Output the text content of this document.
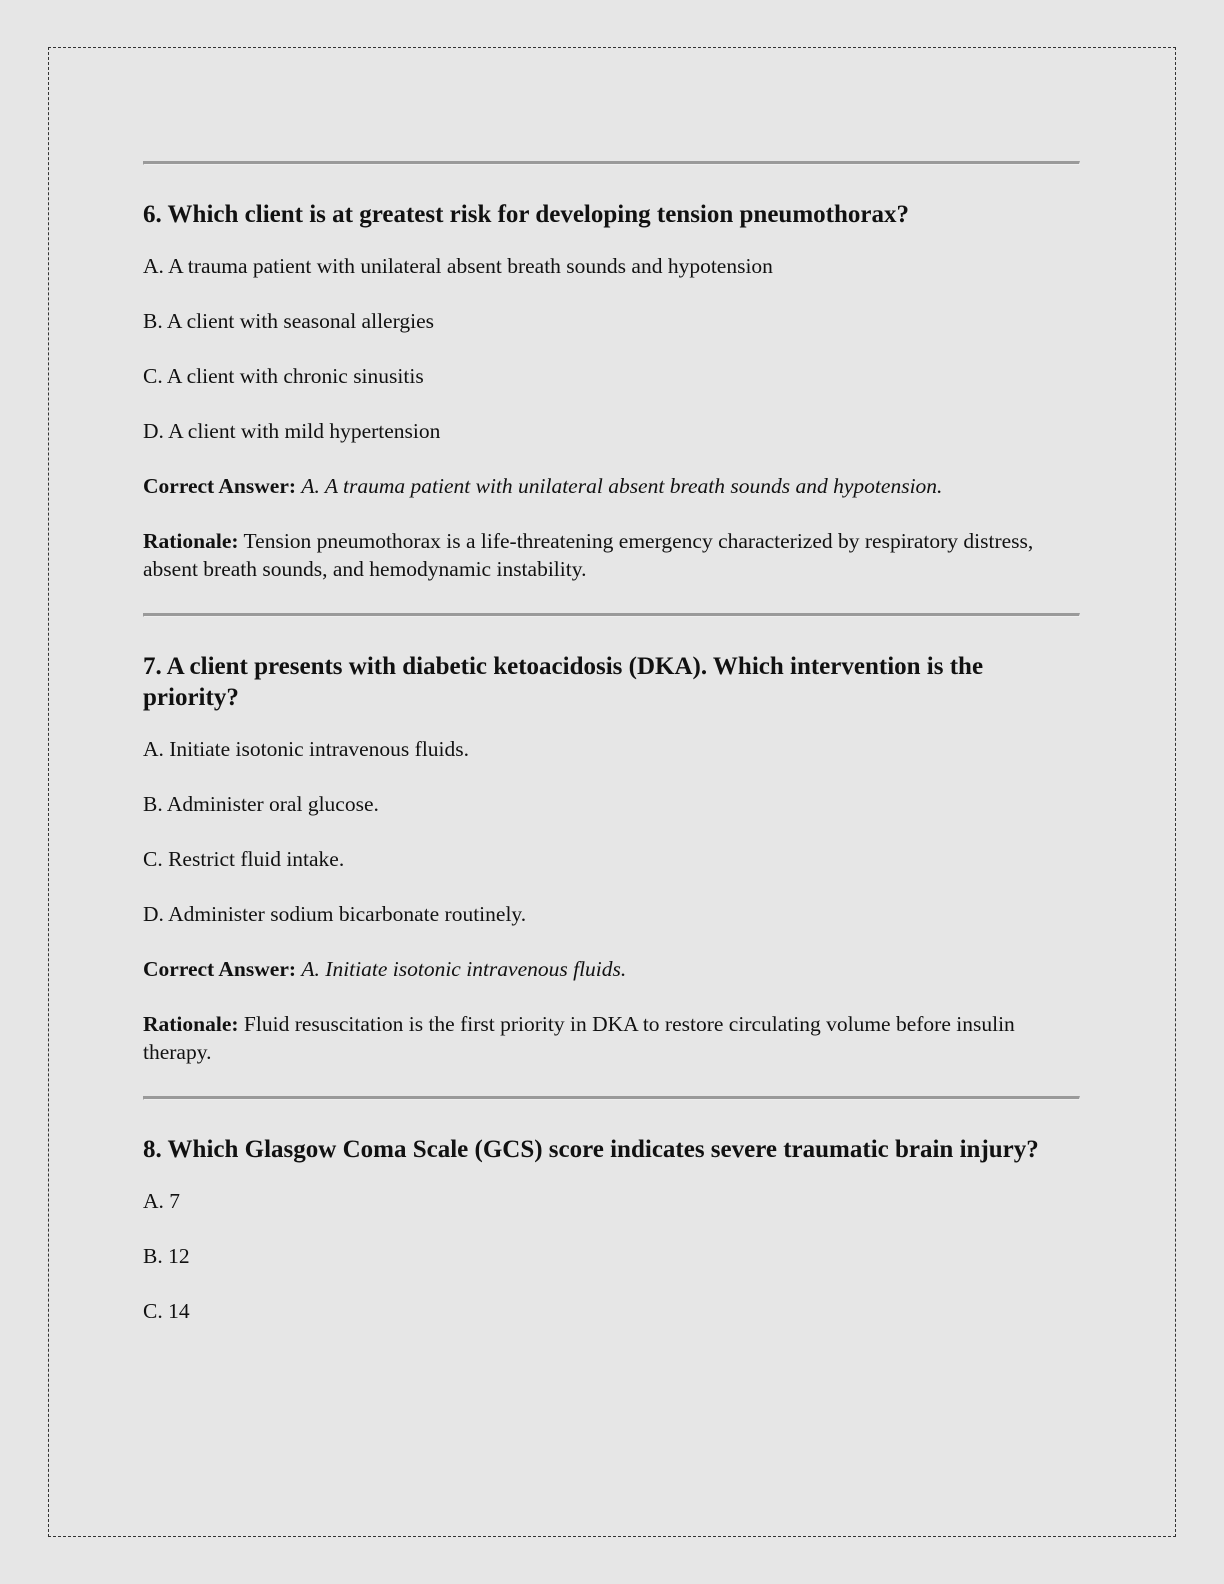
6. Which client is at greatest risk for developing tension pneumothorax?

A. A trauma patient with unilateral absent breath sounds and hypotension

B. A client with seasonal allergies

C. A client with chronic sinusitis

D. A client with mild hypertension

Correct Answer: A. A trauma patient with unilateral absent breath sounds and hypotension.

Rationale: Tension pneumothorax is a life-threatening emergency characterized by respiratory distress, absent breath sounds, and hemodynamic instability.

7. A client presents with diabetic ketoacidosis (DKA). Which intervention is the priority?

A. Initiate isotonic intravenous fluids.

B. Administer oral glucose.

C. Restrict fluid intake.

D. Administer sodium bicarbonate routinely.

Correct Answer: A. Initiate isotonic intravenous fluids.

Rationale: Fluid resuscitation is the first priority in DKA to restore circulating volume before insulin therapy.

8. Which Glasgow Coma Scale (GCS) score indicates severe traumatic brain injury?

A. 7

B. 12

C. 14
